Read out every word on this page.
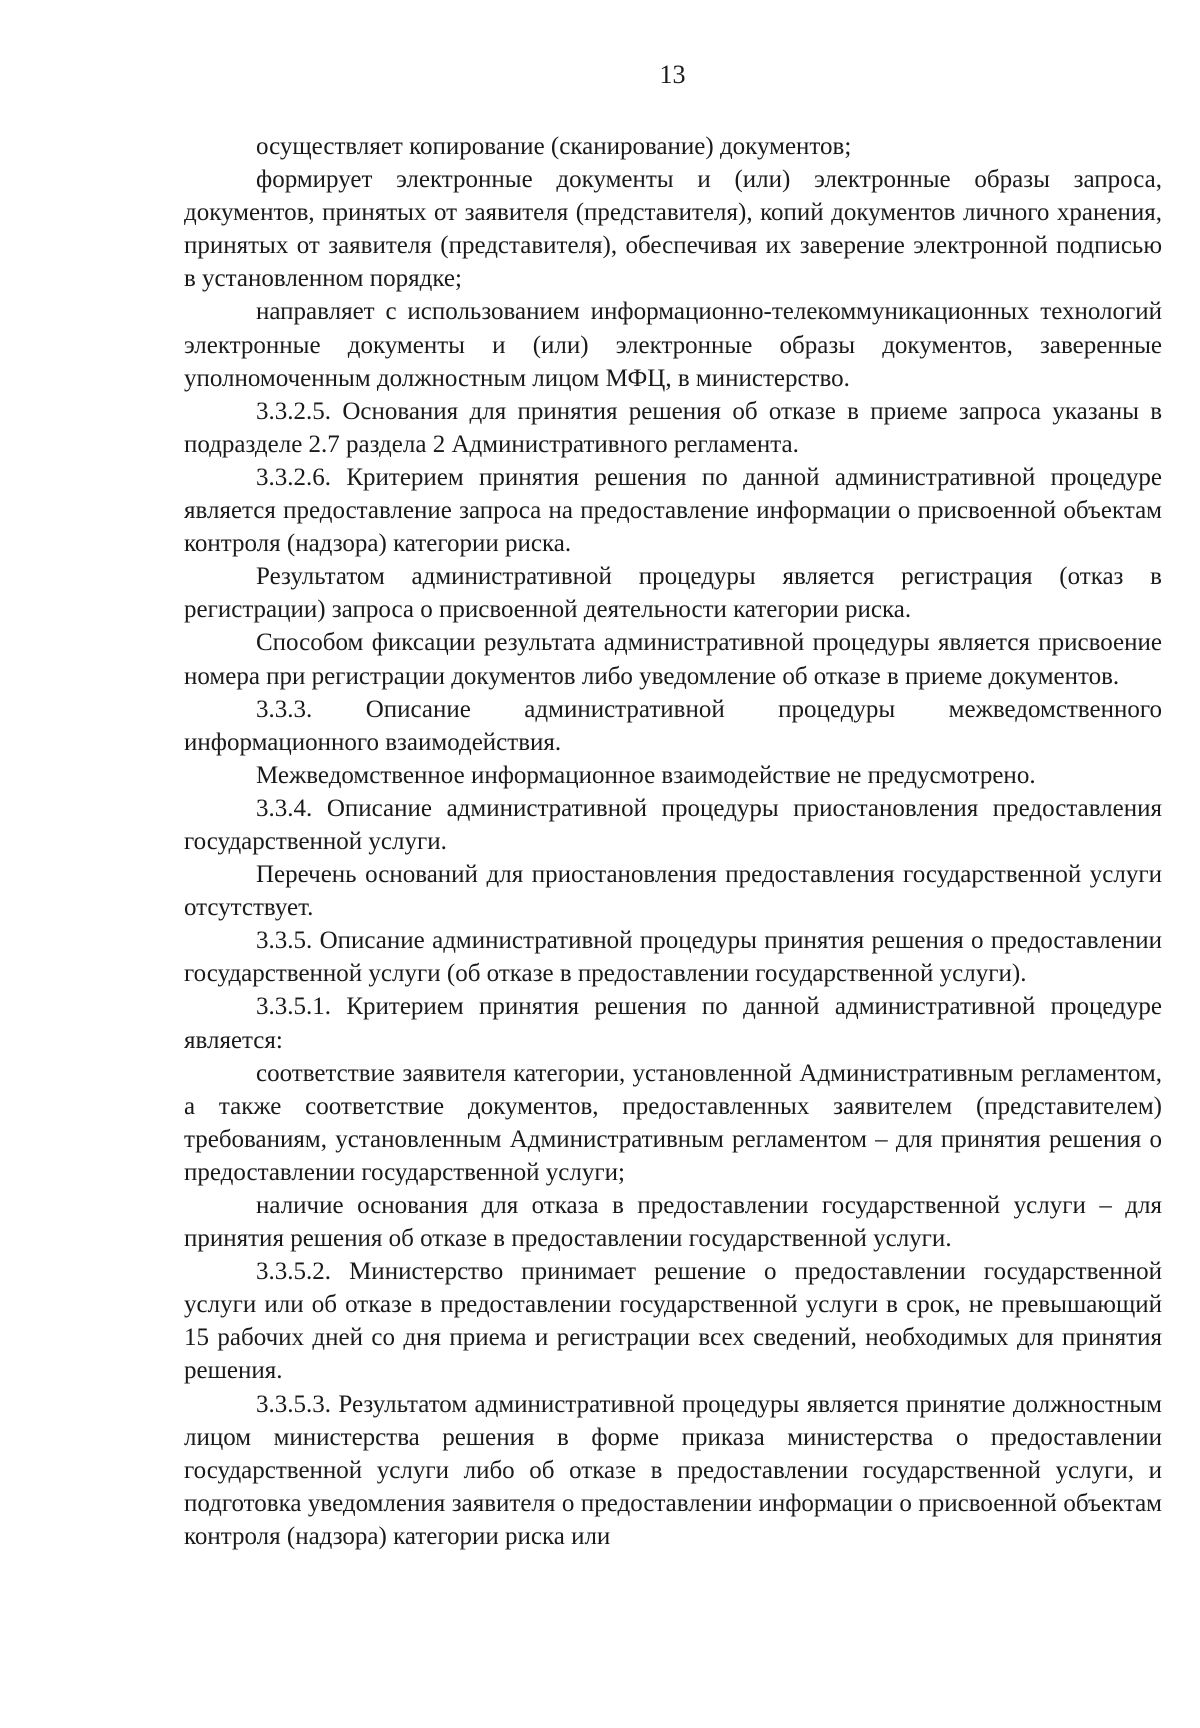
13

осуществляет копирование (сканирование) документов;

формирует электронные документы и (или) электронные образы запроса, документов, принятых от заявителя (представителя), копий документов личного хранения, принятых от заявителя (представителя), обеспечивая их заверение электронной подписью в установленном порядке;

направляет с использованием информационно-телекоммуникационных технологий электронные документы и (или) электронные образы документов, заверенные уполномоченным должностным лицом МФЦ, в министерство.

3.3.2.5. Основания для принятия решения об отказе в приеме запроса указаны в подразделе 2.7 раздела 2 Административного регламента.

3.3.2.6. Критерием принятия решения по данной административной процедуре является предоставление запроса на предоставление информации о присвоенной объектам контроля (надзора) категории риска.

Результатом административной процедуры является регистрация (отказ в регистрации) запроса о присвоенной деятельности категории риска.

Способом фиксации результата административной процедуры является присвоение номера при регистрации документов либо уведомление об отказе в приеме документов.

3.3.3. Описание административной процедуры межведомственного информационного взаимодействия.

Межведомственное информационное взаимодействие не предусмотрено.

3.3.4. Описание административной процедуры приостановления предоставления государственной услуги.

Перечень оснований для приостановления предоставления государственной услуги отсутствует.

3.3.5. Описание административной процедуры принятия решения о предоставлении государственной услуги (об отказе в предоставлении государственной услуги).

3.3.5.1. Критерием принятия решения по данной административной процедуре является:

соответствие заявителя категории, установленной Административным регламентом, а также соответствие документов, предоставленных заявителем (представителем) требованиям, установленным Административным регламентом – для принятия решения о предоставлении государственной услуги;

наличие основания для отказа в предоставлении государственной услуги – для принятия решения об отказе в предоставлении государственной услуги.

3.3.5.2. Министерство принимает решение о предоставлении государственной услуги или об отказе в предоставлении государственной услуги в срок, не превышающий 15 рабочих дней со дня приема и регистрации всех сведений, необходимых для принятия решения.

3.3.5.3. Результатом административной процедуры является принятие должностным лицом министерства решения в форме приказа министерства о предоставлении государственной услуги либо об отказе в предоставлении государственной услуги, и подготовка уведомления заявителя о предоставлении информации о присвоенной объектам контроля (надзора) категории риска или
